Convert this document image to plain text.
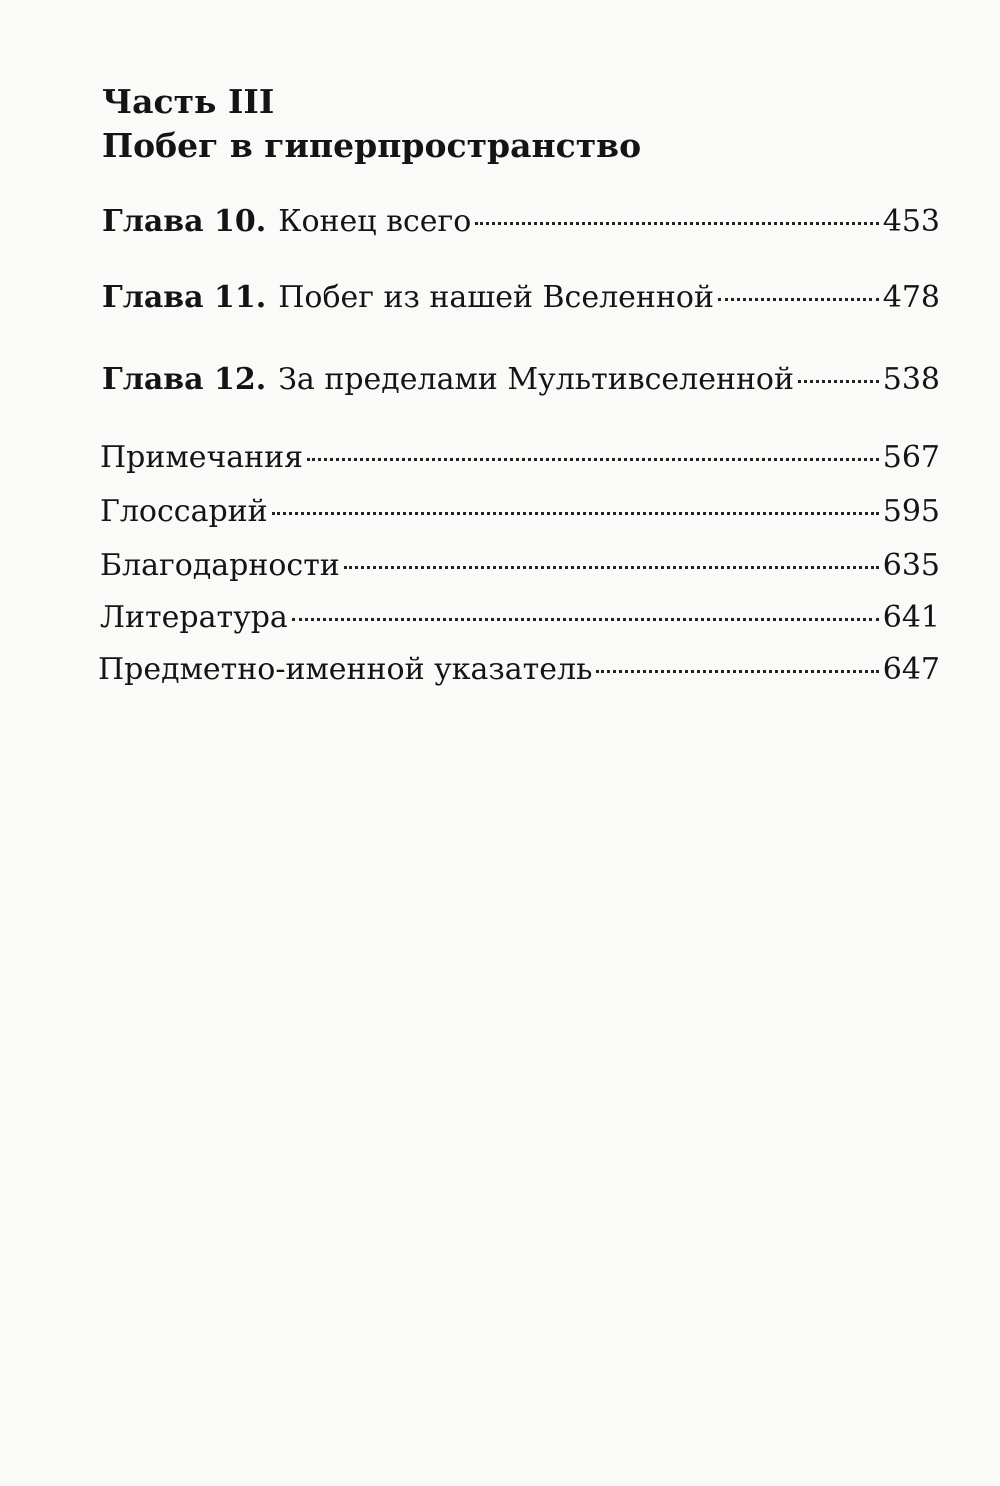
Часть III
Побег в гиперпространство
Глава 10. Конец всего	453
Глава 11. Побег из нашей Вселенной	478
Глава 12. За пределами Мультивселенной	538
Примечания	567
Глоссарий	595
Благодарности	635
Литература	641
Предметно-именной указатель	647
